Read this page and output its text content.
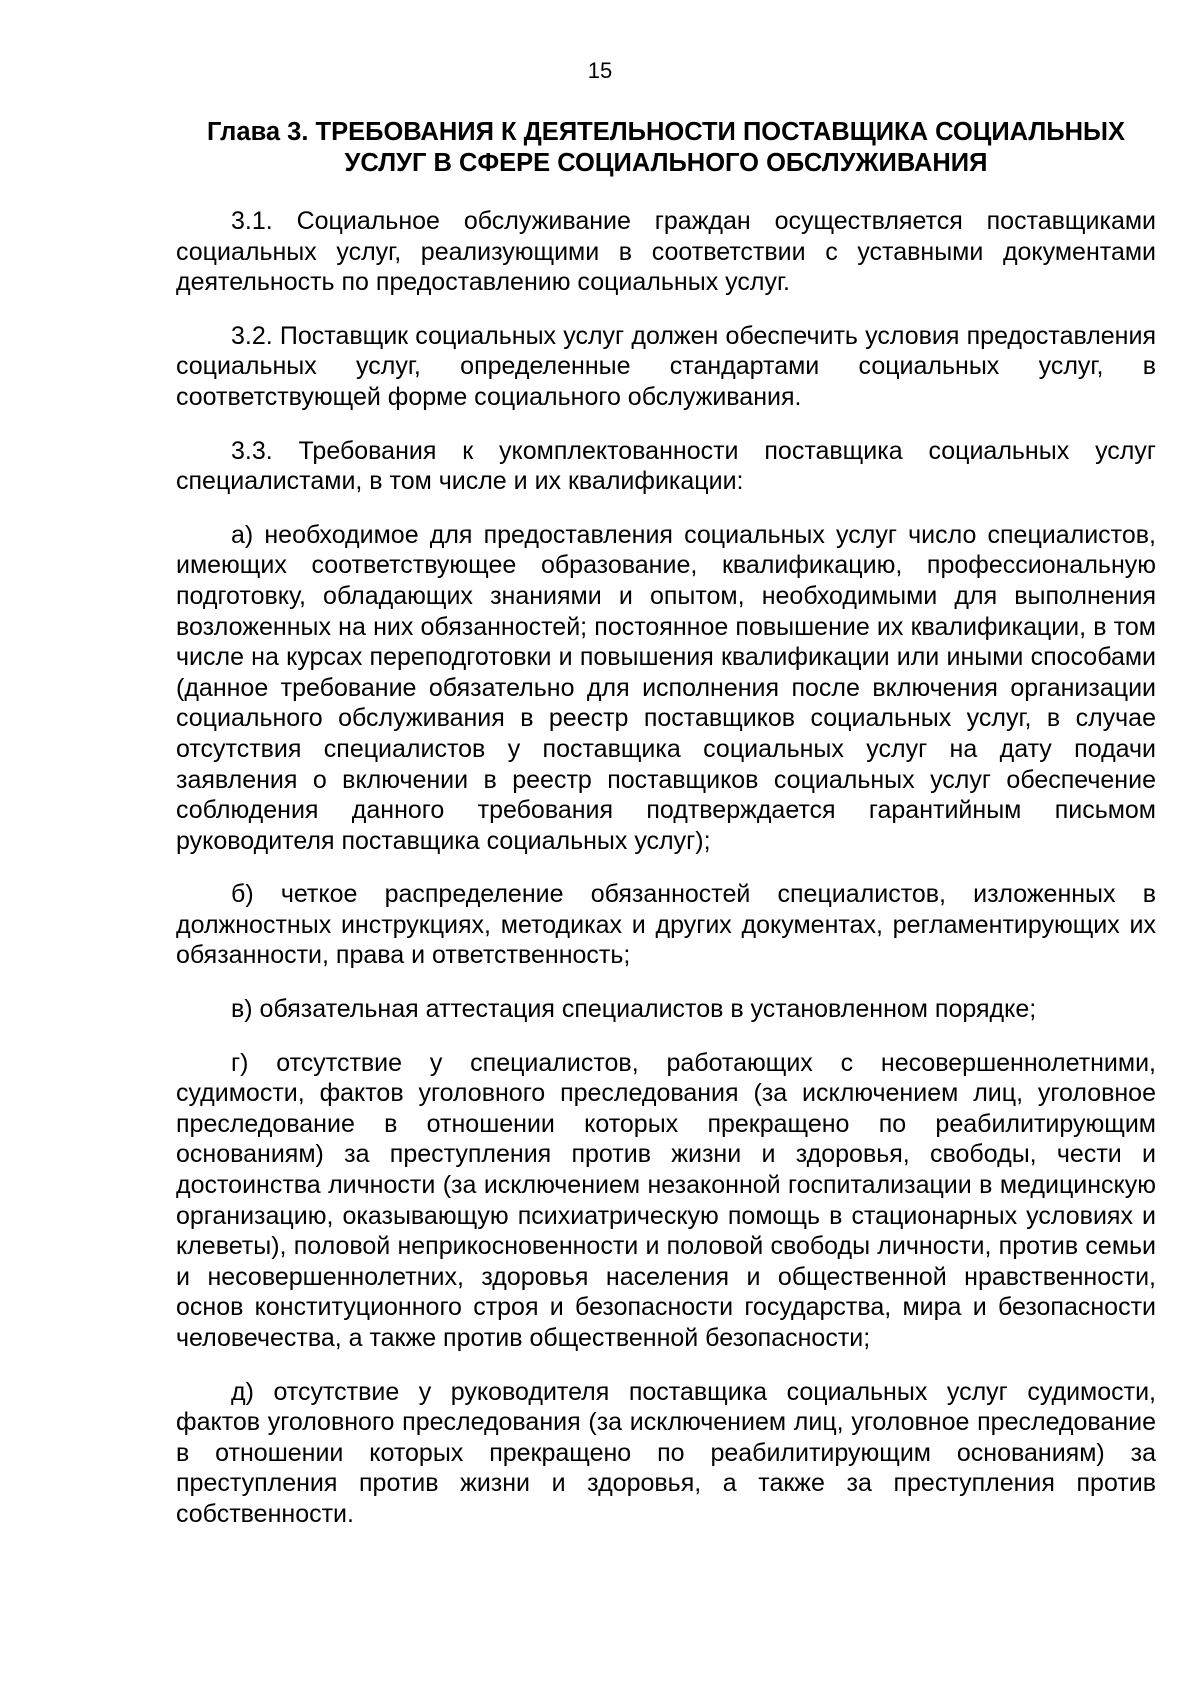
15
Глава 3. ТРЕБОВАНИЯ К ДЕЯТЕЛЬНОСТИ ПОСТАВЩИКА СОЦИАЛЬНЫХ
УСЛУГ В СФЕРЕ СОЦИАЛЬНОГО ОБСЛУЖИВАНИЯ

3.1. Социальное обслуживание граждан осуществляется поставщиками социальных услуг, реализующими в соответствии с уставными документами деятельность по предоставлению социальных услуг.

3.2. Поставщик социальных услуг должен обеспечить условия предоставления социальных услуг, определенные стандартами социальных услуг, в соответствующей форме социального обслуживания.

3.3. Требования к укомплектованности поставщика социальных услуг специалистами, в том числе и их квалификации:

а) необходимое для предоставления социальных услуг число специалистов, имеющих соответствующее образование, квалификацию, профессиональную подготовку, обладающих знаниями и опытом, необходимыми для выполнения возложенных на них обязанностей; постоянное повышение их квалификации, в том числе на курсах переподготовки и повышения квалификации или иными способами (данное требование обязательно для исполнения после включения организации социального обслуживания в реестр поставщиков социальных услуг, в случае отсутствия специалистов у поставщика социальных услуг на дату подачи заявления о включении в реестр поставщиков социальных услуг обеспечение соблюдения данного требования подтверждается гарантийным письмом руководителя поставщика социальных услуг);

б) четкое распределение обязанностей специалистов, изложенных в должностных инструкциях, методиках и других документах, регламентирующих их обязанности, права и ответственность;

в) обязательная аттестация специалистов в установленном порядке;

г) отсутствие у специалистов, работающих с несовершеннолетними, судимости, фактов уголовного преследования (за исключением лиц, уголовное преследование в отношении которых прекращено по реабилитирующим основаниям) за преступления против жизни и здоровья, свободы, чести и достоинства личности (за исключением незаконной госпитализации в медицинскую организацию, оказывающую психиатрическую помощь в стационарных условиях и клеветы), половой неприкосновенности и половой свободы личности, против семьи и несовершеннолетних, здоровья населения и общественной нравственности, основ конституционного строя и безопасности государства, мира и безопасности человечества, а также против общественной безопасности;

д) отсутствие у руководителя поставщика социальных услуг судимости, фактов уголовного преследования (за исключением лиц, уголовное преследование в отношении которых прекращено по реабилитирующим основаниям) за преступления против жизни и здоровья, а также за преступления против собственности.
